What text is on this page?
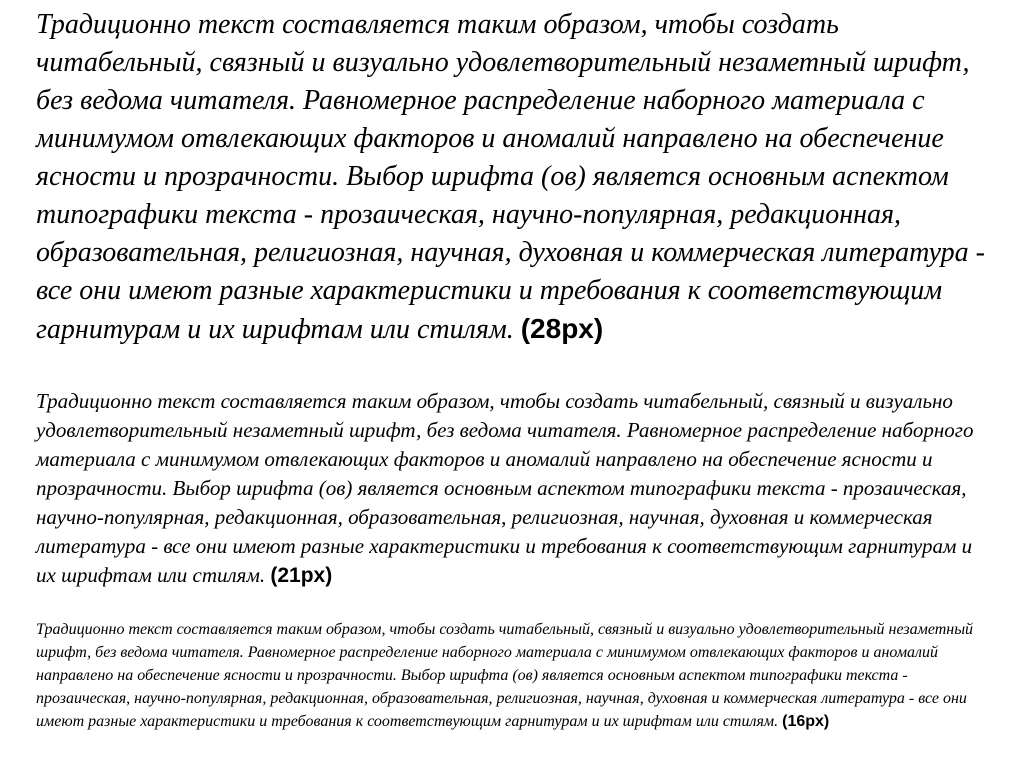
Традиционно текст составляется таким образом, чтобы создать читабельный, связный и визуально удовлетворительный незаметный шрифт, без ведома читателя. Равномерное распределение наборного материала с минимумом отвлекающих факторов и аномалий направлено на обеспечение ясности и прозрачности. Выбор шрифта (ов) является основным аспектом типографики текста - прозаическая, научно-популярная, редакционная, образовательная, религиозная, научная, духовная и коммерческая литература - все они имеют разные характеристики и требования к соответствующим гарнитурам и их шрифтам или стилям. (28px)

Традиционно текст составляется таким образом, чтобы создать читабельный, связный и визуально удовлетворительный незаметный шрифт, без ведома читателя. Равномерное распределение наборного материала с минимумом отвлекающих факторов и аномалий направлено на обеспечение ясности и прозрачности. Выбор шрифта (ов) является основным аспектом типографики текста - прозаическая, научно-популярная, редакционная, образовательная, религиозная, научная, духовная и коммерческая литература - все они имеют разные характеристики и требования к соответствующим гарнитурам и их шрифтам или стилям. (21px)

Традиционно текст составляется таким образом, чтобы создать читабельный, связный и визуально удовлетворительный незаметный шрифт, без ведома читателя. Равномерное распределение наборного материала с минимумом отвлекающих факторов и аномалий направлено на обеспечение ясности и прозрачности. Выбор шрифта (ов) является основным аспектом типографики текста - прозаическая, научно-популярная, редакционная, образовательная, религиозная, научная, духовная и коммерческая литература - все они имеют разные характеристики и требования к соответствующим гарнитурам и их шрифтам или стилям. (16px)
